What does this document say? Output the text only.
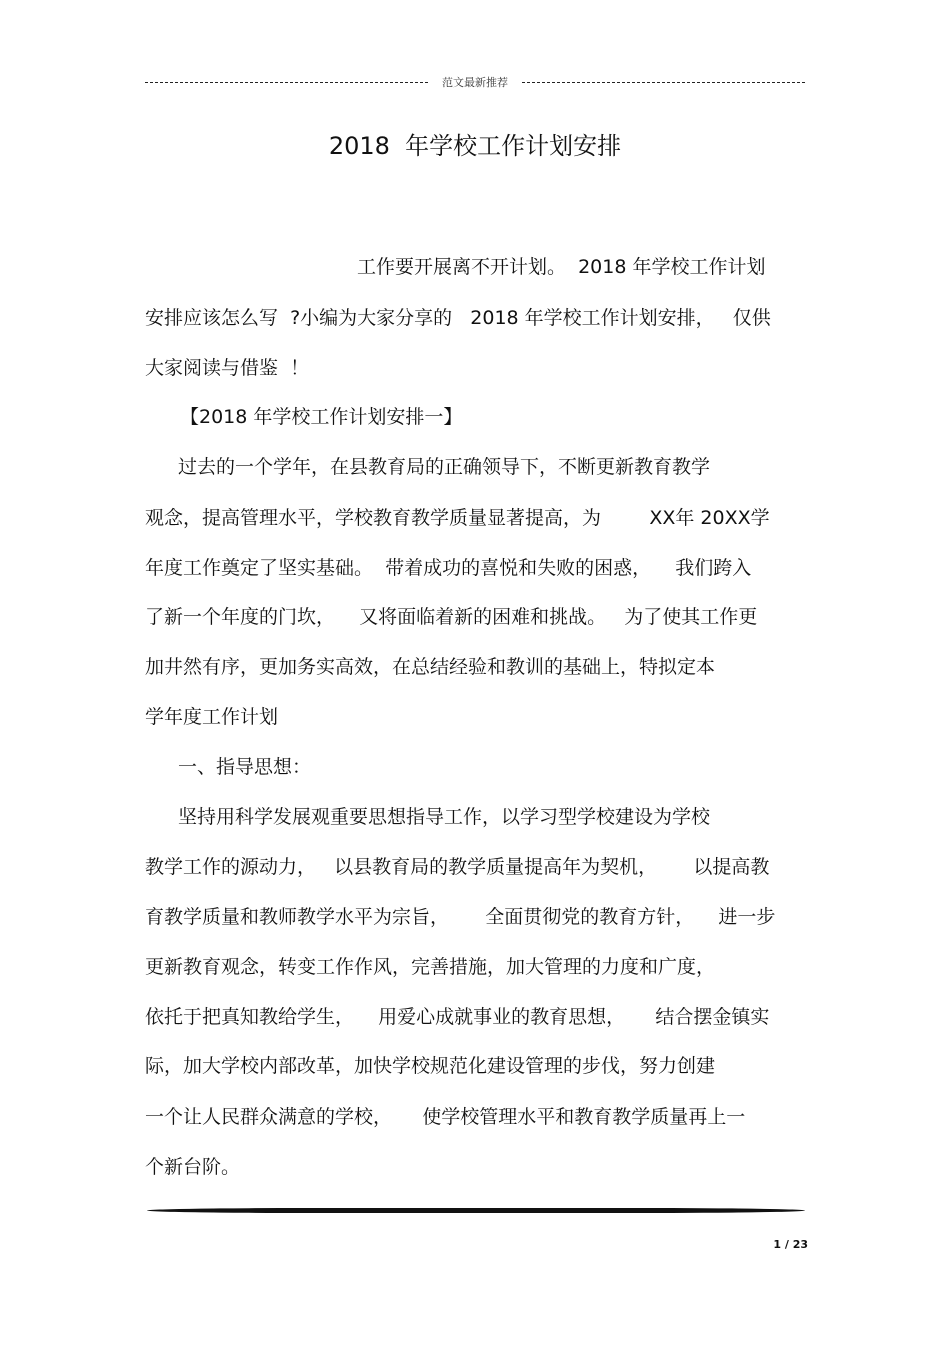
范文最新推荐
2018  年学校工作计划安排
工作要开展离不开计划。  2018 年学校工作计划
安排应该怎么写  ?小编为大家分享的   2018 年学校工作计划安排，   仅供
大家阅读与借鉴  ！
【2018 年学校工作计划安排一】
过去的一个学年，在县教育局的正确领导下，不断更新教育教学
观念，提高管理水平，学校教育教学质量显著提高，为        XX年 20XX学
年度工作奠定了坚实基础。  带着成功的喜悦和失败的困惑，    我们跨入
了新一个年度的门坎，    又将面临着新的困难和挑战。   为了使其工作更
加井然有序，更加务实高效，在总结经验和教训的基础上，特拟定本
学年度工作计划
一、指导思想：
坚持用科学发展观重要思想指导工作，以学习型学校建设为学校
教学工作的源动力，   以县教育局的教学质量提高年为契机，      以提高教
育教学质量和教师教学水平为宗旨，      全面贯彻党的教育方针，    进一步
更新教育观念，转变工作作风，完善措施，加大管理的力度和广度，
依托于把真知教给学生，    用爱心成就事业的教育思想，     结合摆金镇实
际，加大学校内部改革，加快学校规范化建设管理的步伐，努力创建
一个让人民群众满意的学校，     使学校管理水平和教育教学质量再上一
个新台阶。
1 / 23
